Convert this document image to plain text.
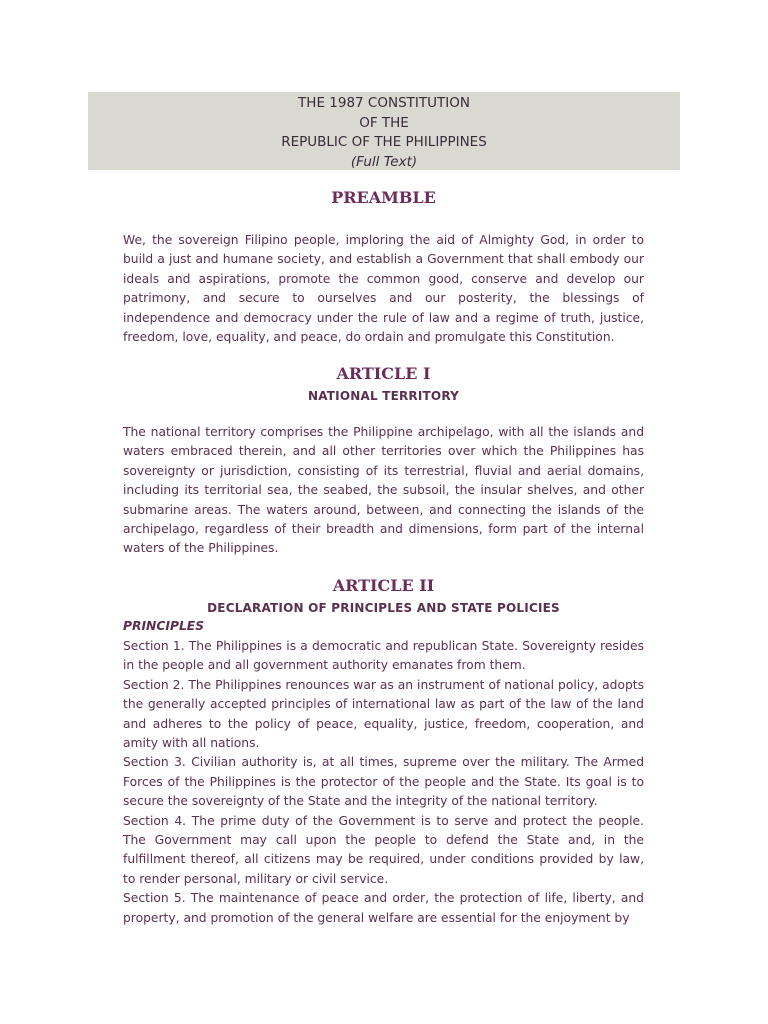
THE 1987 CONSTITUTION
OF THE
REPUBLIC OF THE PHILIPPINES
(Full Text)
PREAMBLE

We, the sovereign Filipino people, imploring the aid of Almighty God, in order to build a just and humane society, and establish a Government that shall embody our ideals and aspirations, promote the common good, conserve and develop our patrimony, and secure to ourselves and our posterity, the blessings of independence and democracy under the rule of law and a regime of truth, justice, freedom, love, equality, and peace, do ordain and promulgate this Constitution.

ARTICLE I
NATIONAL TERRITORY

The national territory comprises the Philippine archipelago, with all the islands and waters embraced therein, and all other territories over which the Philippines has sovereignty or jurisdiction, consisting of its terrestrial, fluvial and aerial domains, including its territorial sea, the seabed, the subsoil, the insular shelves, and other submarine areas. The waters around, between, and connecting the islands of the archipelago, regardless of their breadth and dimensions, form part of the internal waters of the Philippines.

ARTICLE II
DECLARATION OF PRINCIPLES AND STATE POLICIES
PRINCIPLES

Section 1. The Philippines is a democratic and republican State. Sovereignty resides in the people and all government authority emanates from them.

Section 2. The Philippines renounces war as an instrument of national policy, adopts the generally accepted principles of international law as part of the law of the land and adheres to the policy of peace, equality, justice, freedom, cooperation, and amity with all nations.

Section 3. Civilian authority is, at all times, supreme over the military. The Armed Forces of the Philippines is the protector of the people and the State. Its goal is to secure the sovereignty of the State and the integrity of the national territory.

Section 4. The prime duty of the Government is to serve and protect the people. The Government may call upon the people to defend the State and, in the fulfillment thereof, all citizens may be required, under conditions provided by law, to render personal, military or civil service.

Section 5. The maintenance of peace and order, the protection of life, liberty, and property, and promotion of the general welfare are essential for the enjoyment by
